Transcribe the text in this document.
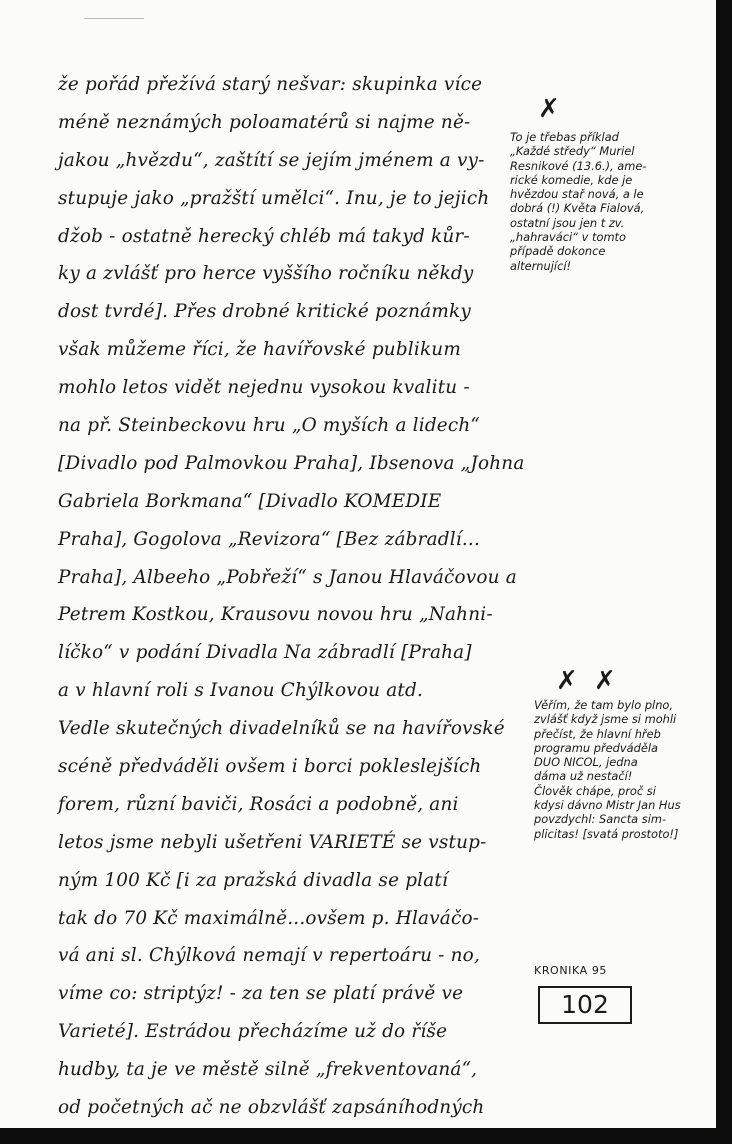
že pořád přežívá starý nešvar: skupinka více
méně neznámých poloamatérů si najme ně-
jakou „hvězdu“, zaštítí se jejím jménem a vy-
stupuje jako „pražští umělci“. Inu, je to jejich
džob - ostatně herecký chléb má takyd kůr-
ky a zvlášť pro herce vyššího ročníku někdy
dost tvrdé]. Přes drobné kritické poznámky
však můžeme říci, že havířovské publikum
mohlo letos vidět nejednu vysokou kvalitu -
na př. Steinbeckovu hru „O myších a lidech“
[Divadlo pod Palmovkou Praha], Ibsenova „Johna
Gabriela Borkmana“ [Divadlo KOMEDIE
Praha], Gogolova „Revizora“ [Bez zábradlí...
Praha], Albeeho „Pobřeží“ s Janou Hlaváčovou a
Petrem Kostkou, Krausovu novou hru „Nahni-
líčko“ v podání Divadla Na zábradlí [Praha]
a v hlavní roli s Ivanou Chýlkovou atd.
Vedle skutečných divadelníků se na havířovské
scéně předváděli ovšem i borci pokleslejších
forem, různí baviči, Rosáci a podobně, ani
letos jsme nebyli ušetřeni VARIETÉ se vstup-
ným 100 Kč [i za pražská divadla se platí
tak do 70 Kč maximálně...ovšem p. Hlaváčo-
vá ani sl. Chýlková nemají v repertoáru - no,
víme co: striptýz! - za ten se platí právě ve
Varieté]. Estrádou přecházíme už do říše
hudby, ta je ve městě silně „frekventovaná“,
od početných ač ne obzvlášť zapsáníhodných
✗
To je třebas příklad
„Každé středy“ Muriel
Resnikové (13.6.), ame-
rické komedie, kde je
hvězdou stař nová, a le
dobrá (!) Květa Fialová,
ostatní jsou jen t zv.
„hahraváci“ v tomto
případě dokonce
alternující!
✗ ✗
Věřím, že tam bylo plno,
zvlášť když jsme si mohli
přečíst, že hlavní hřeb
programu předváděla
DUO NICOL, jedna
dáma už nestačí!
Člověk chápe, proč si
kdysi dávno Mistr Jan Hus
povzdychl: Sancta sim-
plicitas! [svatá prostoto!]
KRONIKA 95
102
